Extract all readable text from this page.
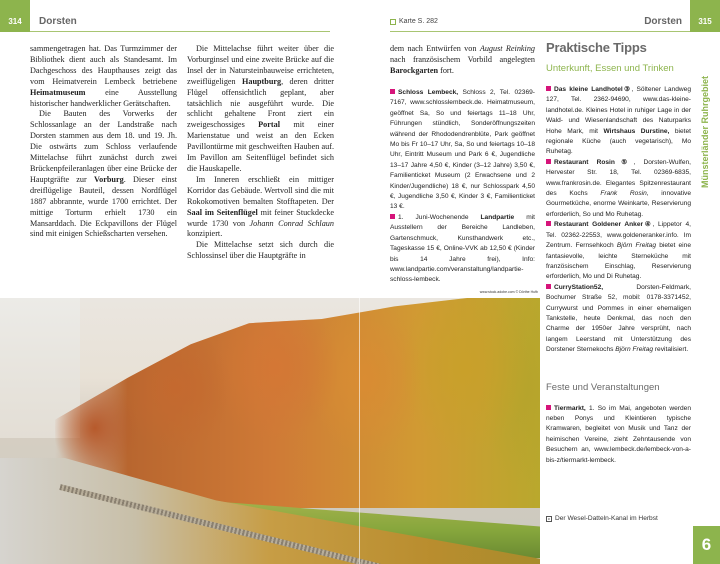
314	Dorsten	Karte S. 282	Dorsten	315
Münsterländer Ruhrgebiet

sammengetragen hat. Das Turmzimmer der Bibliothek dient auch als Standesamt. Im Dachgeschoss des Haupthauses zeigt das vom Heimatverein Lembeck betriebene Heimatmuseum eine Ausstellung historischer handwerklicher Gerätschaften.

Die Bauten des Vorwerks der Schlossanlage an der Landstraße nach Dorsten stammen aus dem 18. und 19. Jh. Die ostwärts zum Schloss verlaufende Mittelachse führt zunächst durch zwei Brückenpfeileranlagen über eine Brücke der Hauptgräfte zur Vorburg. Dieser einst dreiflügelige Bauteil, dessen Nordflügel 1887 abbrannte, wurde 1700 errichtet. Der mittige Torturm erhielt 1730 ein Mansarddach. Die Eckpavillons der Flügel sind mit einigen Schießscharten versehen.

Die Mittelachse führt weiter über die Vorburginsel und eine zweite Brücke auf die Insel der in Natursteinbauweise errichteten, zweiflügeligen Hauptburg, deren dritter Flügel offensichtlich geplant, aber tatsächlich nie ausgeführt wurde. Die schlicht gehaltene Front ziert ein zweigeschossiges Portal mit einer Marienstatue und weist an den Ecken Pavillontürme mit geschweiften Hauben auf. Im Pavillon am Seitenflügel befindet sich die Hauskapelle.

Im Inneren erschließt ein mittiger Korridor das Gebäude. Wertvoll sind die mit Rokokomotiven bemalten Stofftapeten. Der Saal im Seitenflügel mit feiner Stuckdecke wurde 1730 von Johann Conrad Schlaun konzipiert.

Die Mittelachse setzt sich durch die Schlossinsel über die Hauptgräfte in

dem nach Entwürfen von August Reinking nach französischem Vorbild angelegten Barockgarten fort.

Schloss Lembeck, Schloss 2, Tel. 02369-7167, www.schlosslembeck.de. Heimatmuseum, geöffnet Sa, So und feiertags 11–18 Uhr, Führungen stündlich, Sonderöffnungszeiten während der Rhododendrenblüte, Park geöffnet Mo bis Fr 10–17 Uhr, Sa, So und feiertags 10–18 Uhr, Eintritt Museum und Park 6 €, Jugendliche 13–17 Jahre 4,50 €, Kinder (3–12 Jahre) 3,50 €, Familienticket Museum (2 Erwachsene und 2 Kinder/Jugendliche) 18 €, nur Schlosspark 4,50 €, Jugendliche 3,50 €, Kinder 3 €, Familienticket 13 €.

1. Juni-Wochenende Landpartie mit Ausstellern der Bereiche Landleben, Gartenschmuck, Kunsthandwerk etc., Tageskasse 15 €, Online-VVK ab 12,50 € (Kinder bis 14 Jahre frei), Info: www.landpartie.com/veranstaltung/landpartie-schloss-lembeck.

Praktische Tipps
Unterkunft, Essen und Trinken

Das kleine Landhotel③, Söltener Landweg 127, Tel. 2362-94690, www.das-kleine-landhotel.de. Kleines Hotel in ruhiger Lage in der Wald- und Wiesenlandschaft des Naturparks Hohe Mark, mit Wirtshaus Durstine, bietet regionale Küche (auch vegetarisch), Mo Ruhetag.

Restaurant Rosin⑤, Dorsten-Wulfen, Hervester Str. 18, Tel. 02369-6835, www.frankrosin.de. Elegantes Spitzenrestaurant des Kochs Frank Rosin, innovative Gourmetküche, enorme Weinkarte, Reservierung erforderlich, So und Mo Ruhetag.

Restaurant Goldener Anker④, Lippetor 4, Tel. 02362-22553, www.goldeneranker.info. Im Zentrum. Fernsehkoch Björn Freitag bietet eine fantasievolle, leichte Sterneküche mit französischem Einschlag, Reservierung erforderlich, Mo und Di Ruhetag.

CurryStation52, Dorsten-Feldmark, Bochumer Straße 52, mobil: 0178-3371452, Currywurst und Pommes in einer ehemaligen Tankstelle, heute Denkmal, das noch den Charme der 1950er Jahre versprüht, nach langem Leerstand mit Unterstützung des Dorstener Sternekochs Björn Freitag revitalisiert.

Feste und Veranstaltungen

Tiermarkt, 1. So im Mai, angeboten werden neben Ponys und Kleintieren typische Kramwaren, begleitet von Musik und Tanz der heimischen Vereine, zieht Zehntausende von Besuchern an, www.lembeck.de/lembeck-von-a-bis-z/tiermarkt-lembeck.

www.stock.adobe.com © Dörthe Hufb
c Der Wesel-Datteln-Kanal im Herbst
6
